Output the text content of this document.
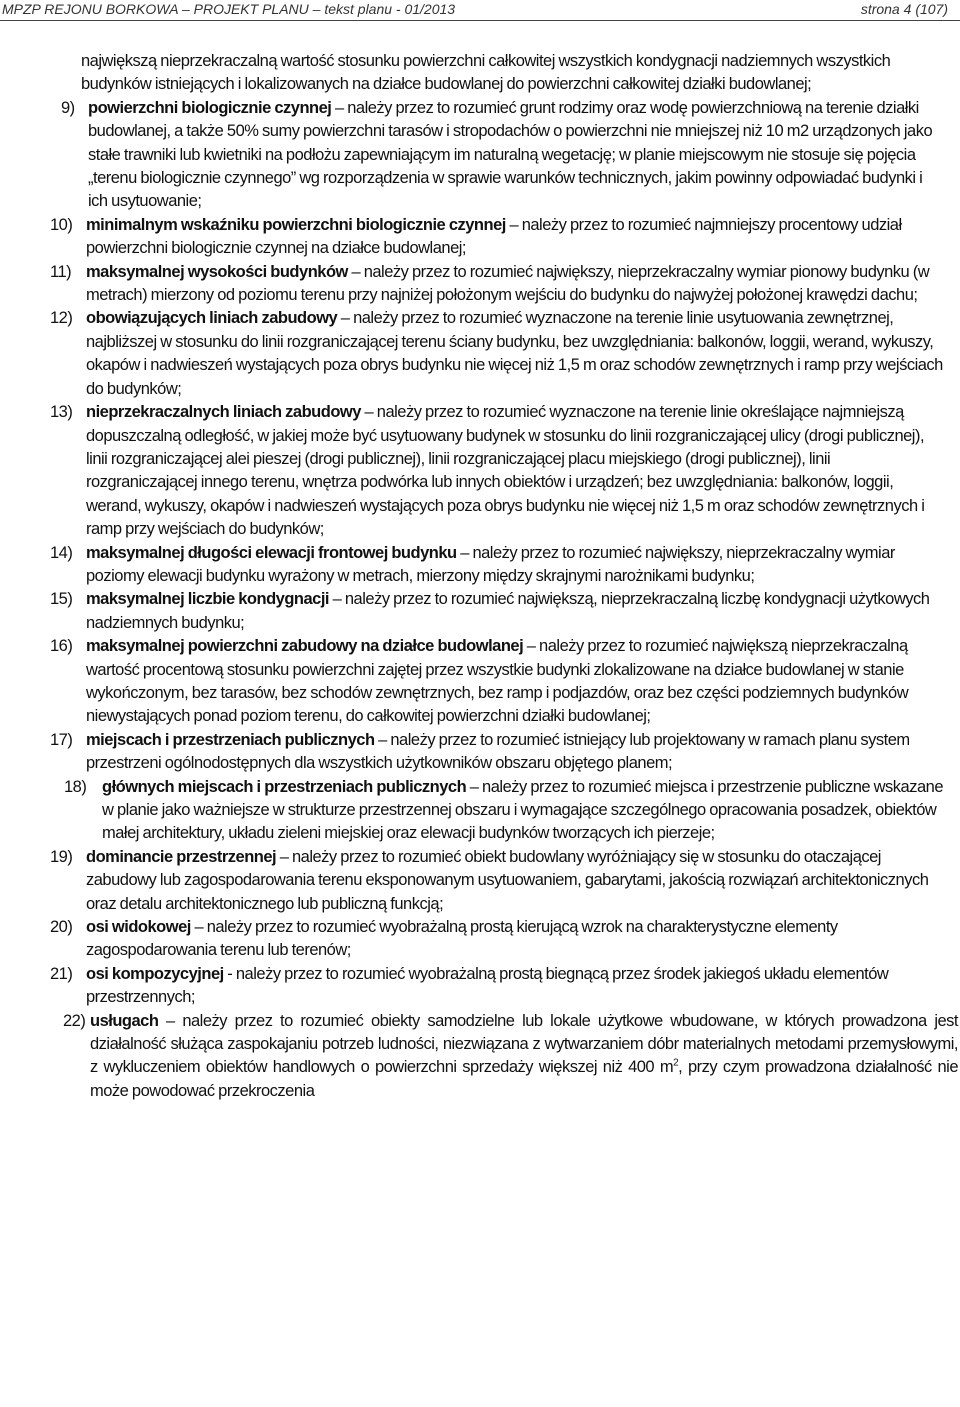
MPZP REJONU BORKOWA – PROJEKT PLANU – tekst planu - 01/2013	strona 4 (107)
największą nieprzekraczalną wartość stosunku powierzchni całkowitej wszystkich kondygnacji nadziemnych wszystkich budynków istniejących i lokalizowanych na działce budowlanej do powierzchni całkowitej działki budowlanej;
9) powierzchni biologicznie czynnej – należy przez to rozumieć grunt rodzimy oraz wodę powierzchniową na terenie działki budowlanej, a także 50% sumy powierzchni tarasów i stropodachów o powierzchni nie mniejszej niż 10 m2 urządzonych jako stałe trawniki lub kwietniki na podłożu zapewniającym im naturalną wegetację; w planie miejscowym nie stosuje się pojęcia „terenu biologicznie czynnego” wg rozporządzenia w sprawie warunków technicznych, jakim powinny odpowiadać budynki i ich usytuowanie;
10) minimalnym wskaźniku powierzchni biologicznie czynnej – należy przez to rozumieć najmniejszy procentowy udział powierzchni biologicznie czynnej na działce budowlanej;
11) maksymalnej wysokości budynków – należy przez to rozumieć największy, nieprzekraczalny wymiar pionowy budynku (w metrach) mierzony od poziomu terenu przy najniżej położonym wejściu do budynku do najwyżej położonej krawędzi dachu;
12) obowiązujących liniach zabudowy – należy przez to rozumieć wyznaczone na terenie linie usytuowania zewnętrznej, najbliższej w stosunku do linii rozgraniczającej terenu ściany budynku, bez uwzględniania: balkonów, loggii, werand, wykuszy, okapów i nadwieszeń wystających poza obrys budynku nie więcej niż 1,5 m oraz schodów zewnętrznych i ramp przy wejściach do budynków;
13) nieprzekraczalnych liniach zabudowy – należy przez to rozumieć wyznaczone na terenie linie określające najmniejszą dopuszczalną odległość, w jakiej może być usytuowany budynek w stosunku do linii rozgraniczającej ulicy (drogi publicznej), linii rozgraniczającej alei pieszej (drogi publicznej), linii rozgraniczającej placu miejskiego (drogi publicznej), linii rozgraniczającej innego terenu, wnętrza podwórka lub innych obiektów i urządzeń; bez uwzględniania: balkonów, loggii, werand, wykuszy, okapów i nadwieszeń wystających poza obrys budynku nie więcej niż 1,5 m oraz schodów zewnętrznych i ramp przy wejściach do budynków;
14) maksymalnej długości elewacji frontowej budynku – należy przez to rozumieć największy, nieprzekraczalny wymiar poziomy elewacji budynku wyrażony w metrach, mierzony między skrajnymi narożnikami budynku;
15) maksymalnej liczbie kondygnacji – należy przez to rozumieć największą, nieprzekraczalną liczbę kondygnacji użytkowych nadziemnych budynku;
16) maksymalnej powierzchni zabudowy na działce budowlanej – należy przez to rozumieć największą nieprzekraczalną wartość procentową stosunku powierzchni zajętej przez wszystkie budynki zlokalizowane na działce budowlanej w stanie wykończonym, bez tarasów, bez schodów zewnętrznych, bez ramp i podjazdów, oraz bez części podziemnych budynków niewystających ponad poziom terenu, do całkowitej powierzchni działki budowlanej;
17) miejscach i przestrzeniach publicznych – należy przez to rozumieć istniejący lub projektowany w ramach planu system przestrzeni ogólnodostępnych dla wszystkich użytkowników obszaru objętego planem;
18) głównych miejscach i przestrzeniach publicznych – należy przez to rozumieć miejsca i przestrzenie publiczne wskazane w planie jako ważniejsze w strukturze przestrzennej obszaru i wymagające szczególnego opracowania posadzek, obiektów małej architektury, układu zieleni miejskiej oraz elewacji budynków tworzących ich pierzeje;
19) dominancie przestrzennej – należy przez to rozumieć obiekt budowlany wyróżniający się w stosunku do otaczającej zabudowy lub zagospodarowania terenu eksponowanym usytuowaniem, gabarytami, jakością rozwiązań architektonicznych oraz detalu architektonicznego lub publiczną funkcją;
20) osi widokowej – należy przez to rozumieć wyobrażalną prostą kierującą wzrok na charakterystyczne elementy zagospodarowania terenu lub terenów;
21) osi kompozycyjnej - należy przez to rozumieć wyobrażalną prostą biegnącą przez środek jakiegoś układu elementów przestrzennych;
22) usługach – należy przez to rozumieć obiekty samodzielne lub lokale użytkowe wbudowane, w których prowadzona jest działalność służąca zaspokajaniu potrzeb ludności, niezwiązana z wytwarzaniem dóbr materialnych metodami przemysłowymi, z wykluczeniem obiektów handlowych o powierzchni sprzedaży większej niż 400 $m^2$, przy czym prowadzona działalność nie może powodować przekroczenia
